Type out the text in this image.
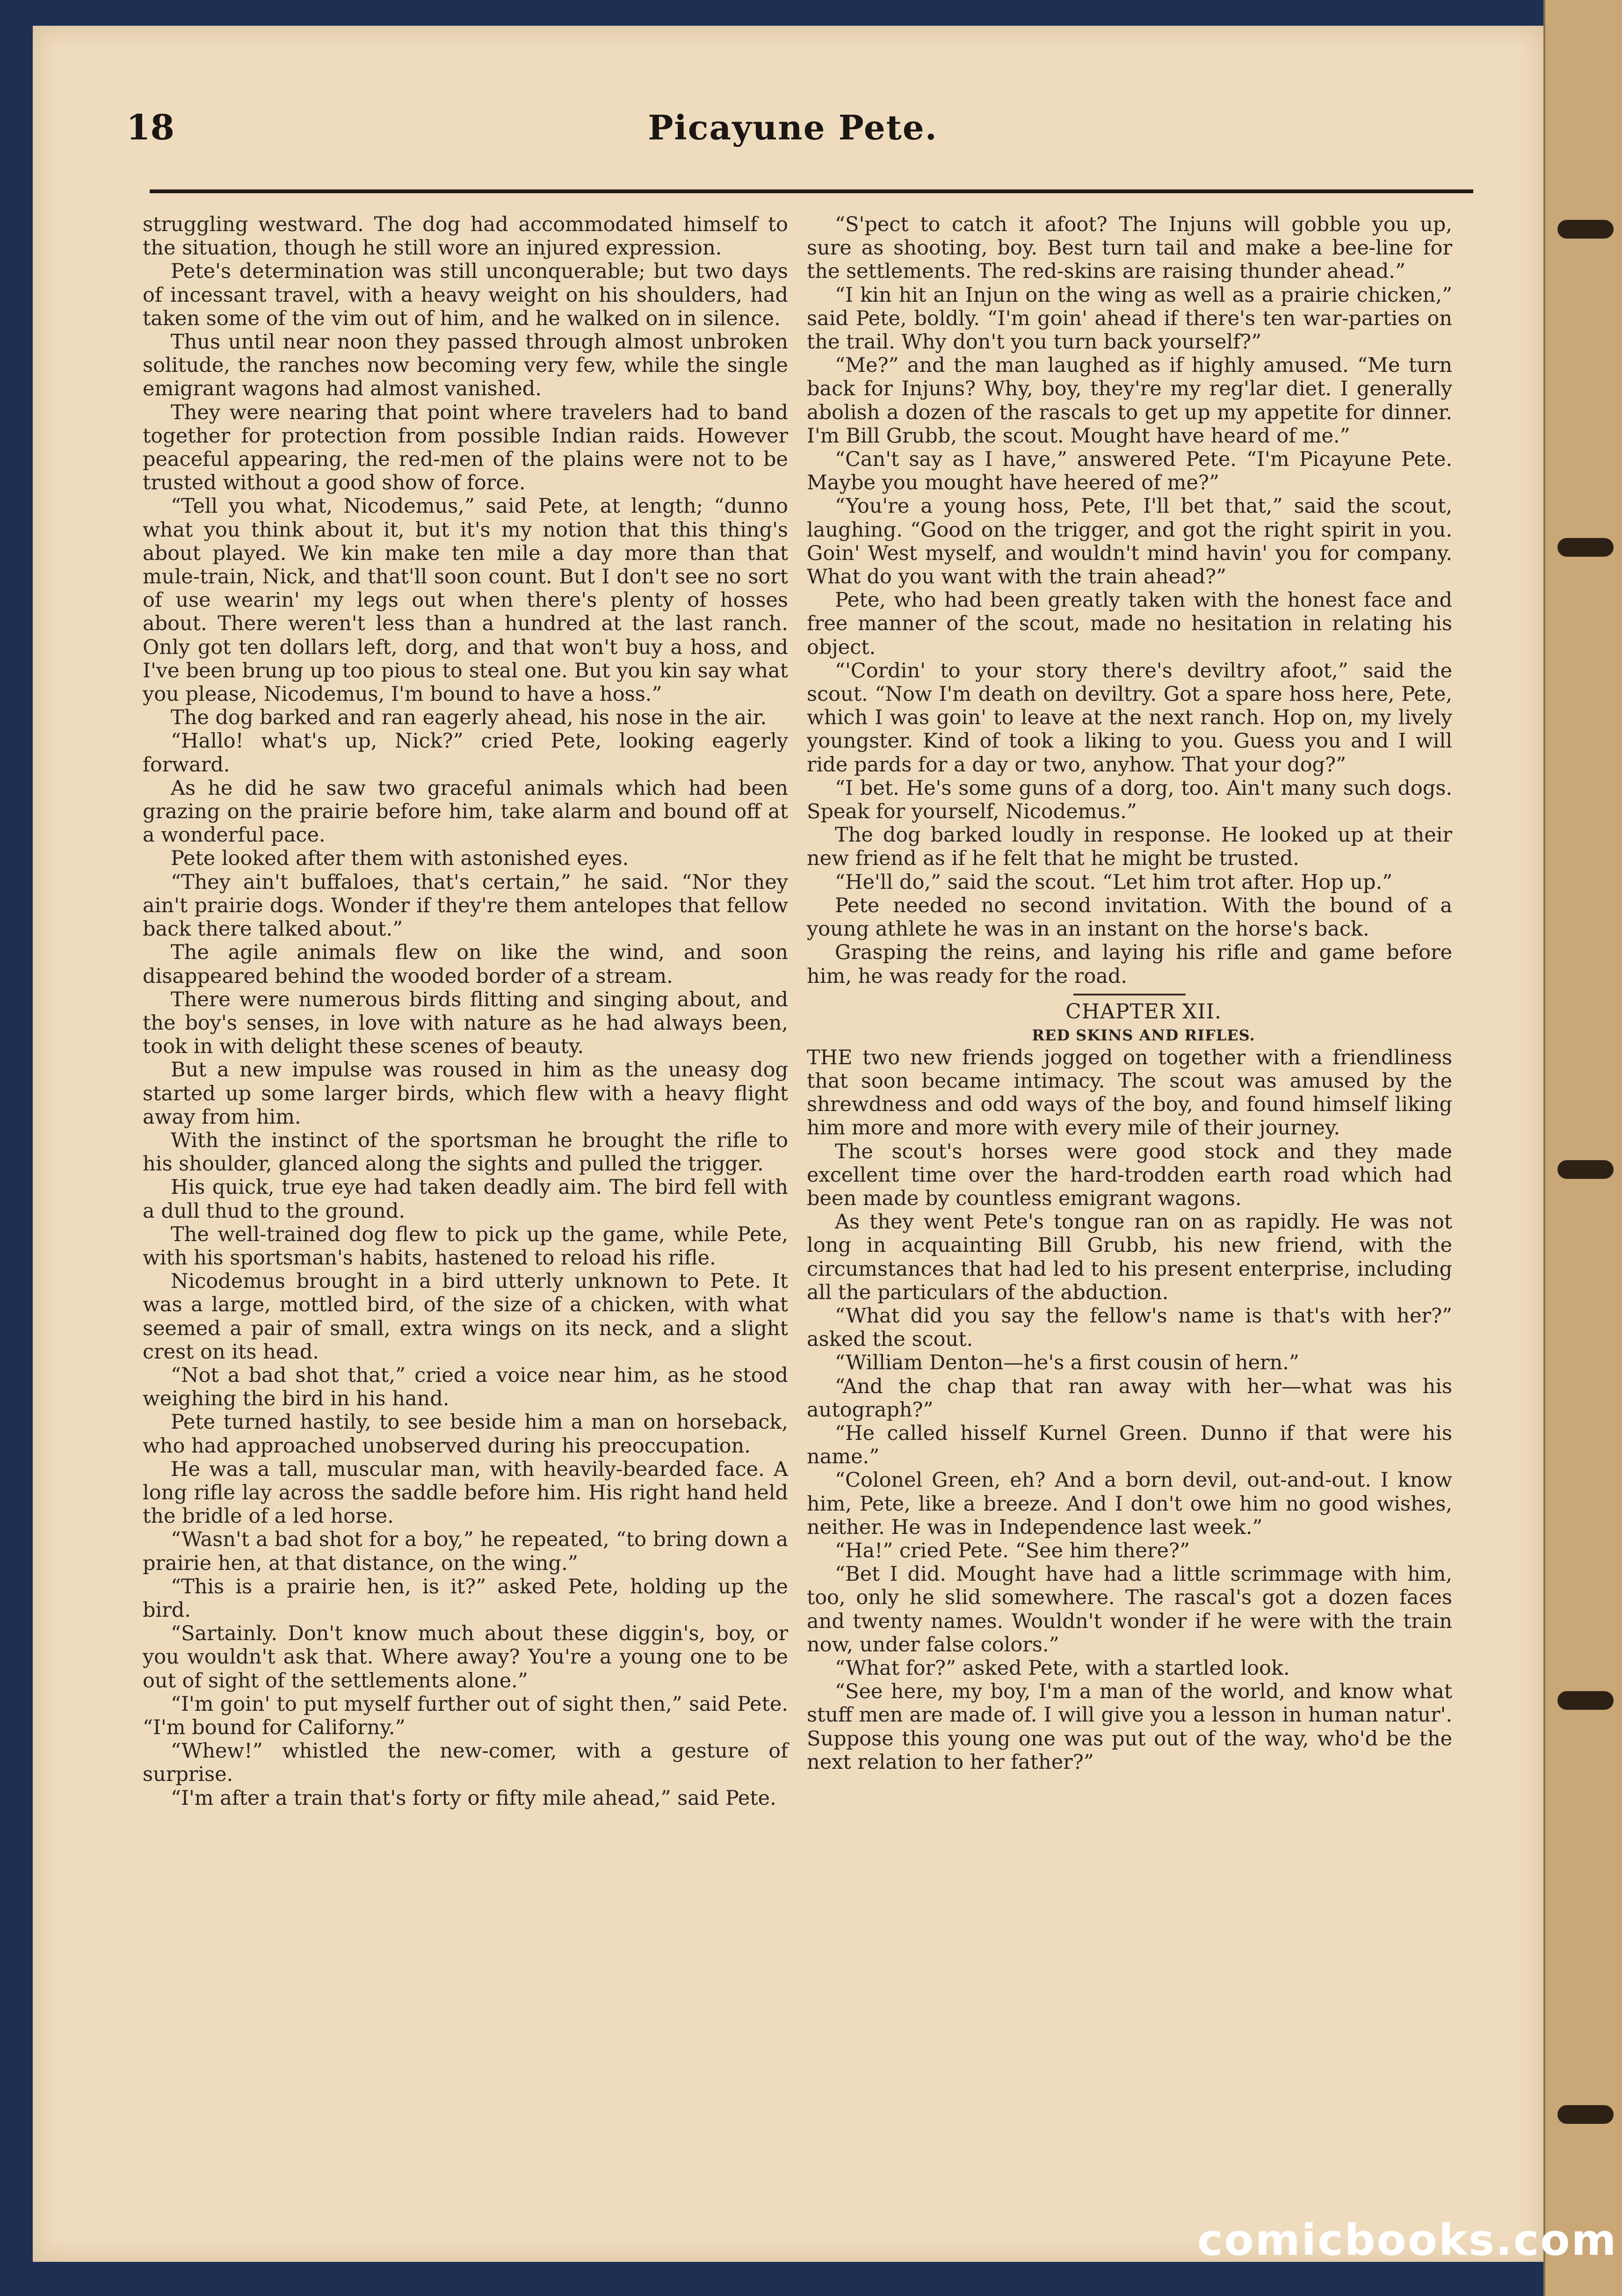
18	Picayune Pete.

struggling westward. The dog had accommodated himself to the situation, though he still wore an injured expression.

Pete's determination was still unconquerable; but two days of incessant travel, with a heavy weight on his shoulders, had taken some of the vim out of him, and he walked on in silence.

Thus until near noon they passed through almost unbroken solitude, the ranches now becoming very few, while the single emigrant wagons had almost vanished.

They were nearing that point where travelers had to band together for protection from possible Indian raids. However peaceful appearing, the red-men of the plains were not to be trusted without a good show of force.

“Tell you what, Nicodemus,” said Pete, at length; “dunno what you think about it, but it's my notion that this thing's about played. We kin make ten mile a day more than that mule-train, Nick, and that'll soon count. But I don't see no sort of use wearin' my legs out when there's plenty of hosses about. There weren't less than a hundred at the last ranch. Only got ten dollars left, dorg, and that won't buy a hoss, and I've been brung up too pious to steal one. But you kin say what you please, Nicodemus, I'm bound to have a hoss.”

The dog barked and ran eagerly ahead, his nose in the air.

“Hallo! what's up, Nick?” cried Pete, looking eagerly forward.

As he did he saw two graceful animals which had been grazing on the prairie before him, take alarm and bound off at a wonderful pace.

Pete looked after them with astonished eyes.

“They ain't buffaloes, that's certain,” he said. “Nor they ain't prairie dogs. Wonder if they're them antelopes that fellow back there talked about.”

The agile animals flew on like the wind, and soon disappeared behind the wooded border of a stream.

There were numerous birds flitting and singing about, and the boy's senses, in love with nature as he had always been, took in with delight these scenes of beauty.

But a new impulse was roused in him as the uneasy dog started up some larger birds, which flew with a heavy flight away from him.

With the instinct of the sportsman he brought the rifle to his shoulder, glanced along the sights and pulled the trigger.

His quick, true eye had taken deadly aim. The bird fell with a dull thud to the ground.

The well-trained dog flew to pick up the game, while Pete, with his sportsman's habits, hastened to reload his rifle.

Nicodemus brought in a bird utterly unknown to Pete. It was a large, mottled bird, of the size of a chicken, with what seemed a pair of small, extra wings on its neck, and a slight crest on its head.

“Not a bad shot that,” cried a voice near him, as he stood weighing the bird in his hand.

Pete turned hastily, to see beside him a man on horseback, who had approached unobserved during his preoccupation.

He was a tall, muscular man, with heavily-bearded face. A long rifle lay across the saddle before him. His right hand held the bridle of a led horse.

“Wasn't a bad shot for a boy,” he repeated, “to bring down a prairie hen, at that distance, on the wing.”

“This is a prairie hen, is it?” asked Pete, holding up the bird.

“Sartainly. Don't know much about these diggin's, boy, or you wouldn't ask that. Where away? You're a young one to be out of sight of the settlements alone.”

“I'm goin' to put myself further out of sight then,” said Pete. “I'm bound for Californy.”

“Whew!” whistled the new-comer, with a gesture of surprise.

“I'm after a train that's forty or fifty mile ahead,” said Pete.

“S'pect to catch it afoot? The Injuns will gobble you up, sure as shooting, boy. Best turn tail and make a bee-line for the settlements. The red-skins are raising thunder ahead.”

“I kin hit an Injun on the wing as well as a prairie chicken,” said Pete, boldly. “I'm goin' ahead if there's ten war-parties on the trail. Why don't you turn back yourself?”

“Me?” and the man laughed as if highly amused. “Me turn back for Injuns? Why, boy, they're my reg'lar diet. I generally abolish a dozen of the rascals to get up my appetite for dinner. I'm Bill Grubb, the scout. Mought have heard of me.”

“Can't say as I have,” answered Pete. “I'm Picayune Pete. Maybe you mought have heered of me?”

“You're a young hoss, Pete, I'll bet that,” said the scout, laughing. “Good on the trigger, and got the right spirit in you. Goin' West myself, and wouldn't mind havin' you for company. What do you want with the train ahead?”

Pete, who had been greatly taken with the honest face and free manner of the scout, made no hesitation in relating his object.

“'Cordin' to your story there's deviltry afoot,” said the scout. “Now I'm death on deviltry. Got a spare hoss here, Pete, which I was goin' to leave at the next ranch. Hop on, my lively youngster. Kind of took a liking to you. Guess you and I will ride pards for a day or two, anyhow. That your dog?”

“I bet. He's some guns of a dorg, too. Ain't many such dogs. Speak for yourself, Nicodemus.”

The dog barked loudly in response. He looked up at their new friend as if he felt that he might be trusted.

“He'll do,” said the scout. “Let him trot after. Hop up.”

Pete needed no second invitation. With the bound of a young athlete he was in an instant on the horse's back.

Grasping the reins, and laying his rifle and game before him, he was ready for the road.

CHAPTER XII.

RED SKINS AND RIFLES.

THE two new friends jogged on together with a friendliness that soon became intimacy. The scout was amused by the shrewdness and odd ways of the boy, and found himself liking him more and more with every mile of their journey.

The scout's horses were good stock and they made excellent time over the hard-trodden earth road which had been made by countless emigrant wagons.

As they went Pete's tongue ran on as rapidly. He was not long in acquainting Bill Grubb, his new friend, with the circumstances that had led to his present enterprise, including all the particulars of the abduction.

“What did you say the fellow's name is that's with her?” asked the scout.

“William Denton—he's a first cousin of hern.”

“And the chap that ran away with her—what was his autograph?”

“He called hisself Kurnel Green. Dunno if that were his name.”

“Colonel Green, eh? And a born devil, out-and-out. I know him, Pete, like a breeze. And I don't owe him no good wishes, neither. He was in Independence last week.”

“Ha!” cried Pete. “See him there?”

“Bet I did. Mought have had a little scrimmage with him, too, only he slid somewhere. The rascal's got a dozen faces and twenty names. Wouldn't wonder if he were with the train now, under false colors.”

“What for?” asked Pete, with a startled look.

“See here, my boy, I'm a man of the world, and know what stuff men are made of. I will give you a lesson in human natur'. Suppose this young one was put out of the way, who'd be the next relation to her father?”

comicbooks.com
